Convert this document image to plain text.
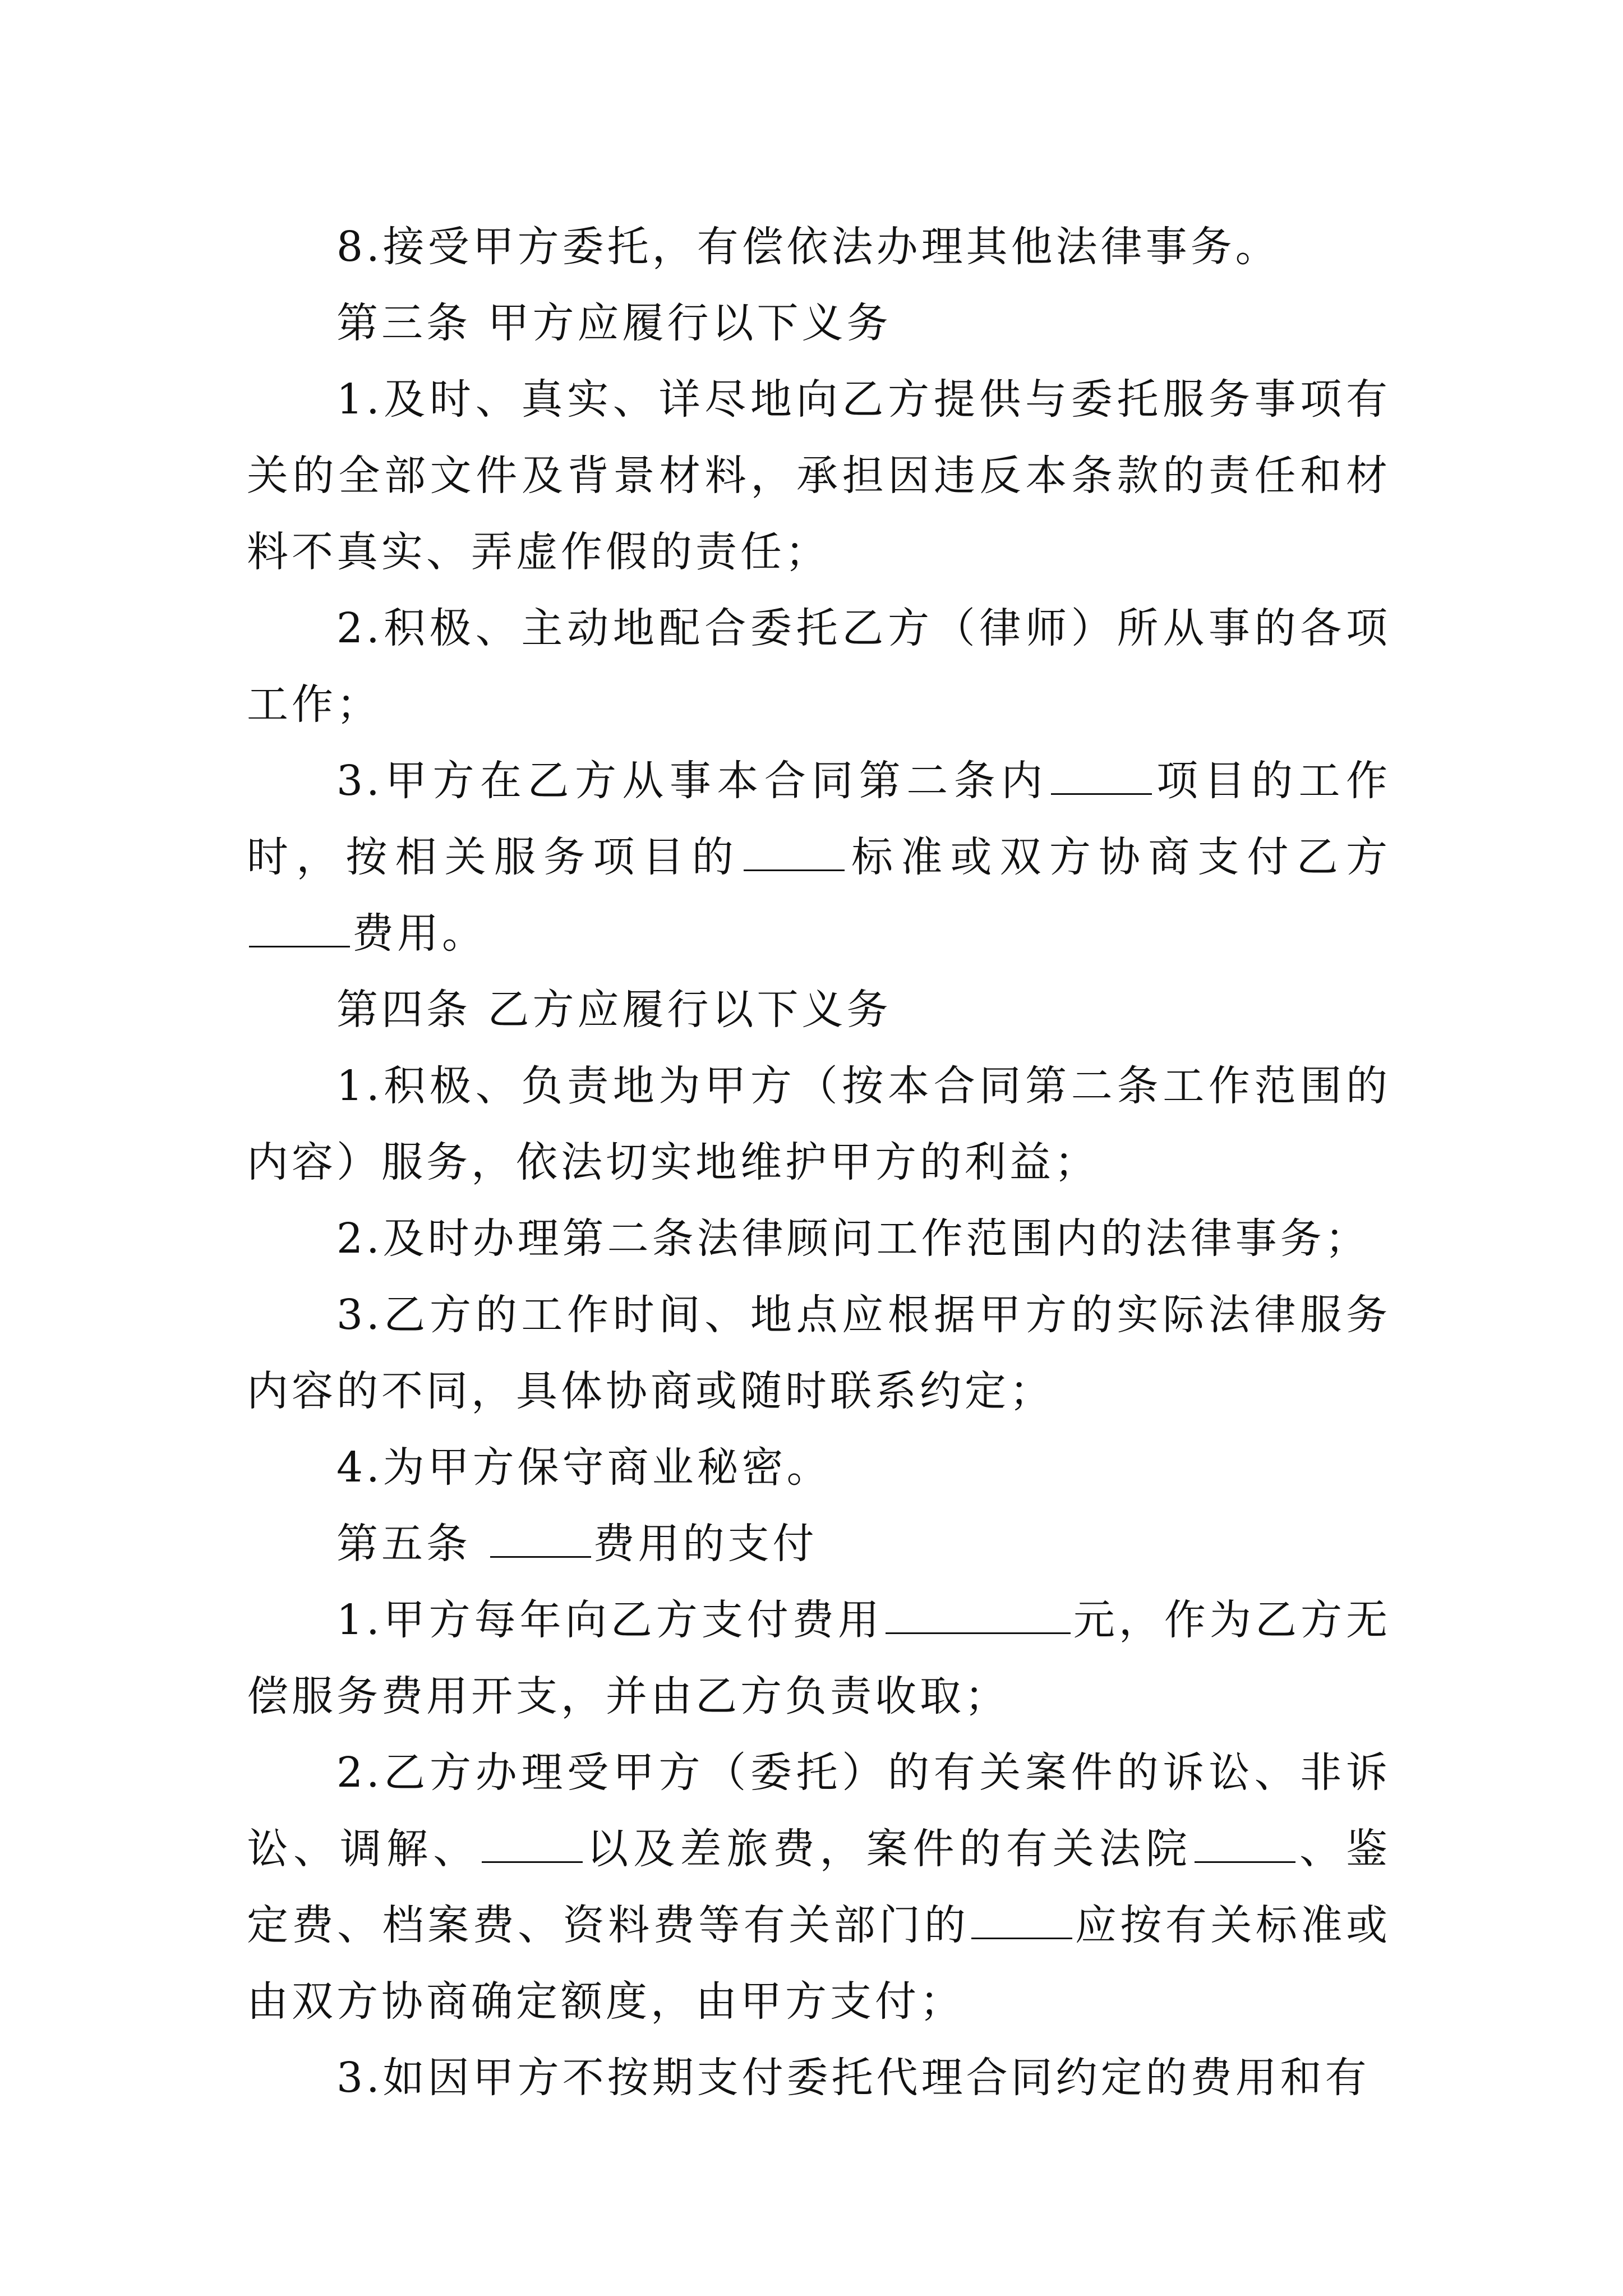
8.接受甲方委托，有偿依法办理其他法律事务。

第三条 甲方应履行以下义务

1.及时、真实、详尽地向乙方提供与委托服务事项有关的全部文件及背景材料，承担因违反本条款的责任和材料不真实、弄虚作假的责任；

2.积极、主动地配合委托乙方（律师）所从事的各项工作；

3.甲方在乙方从事本合同第二条内	项目的工作时，按相关服务项目的	标准或双方协商支付乙方费用。

第四条 乙方应履行以下义务

1.积极、负责地为甲方（按本合同第二条工作范围的内容）服务，依法切实地维护甲方的利益；

2.及时办理第二条法律顾问工作范围内的法律事务；

3.乙方的工作时间、地点应根据甲方的实际法律服务内容的不同，具体协商或随时联系约定；

4.为甲方保守商业秘密。

第五条	费用的支付

1.甲方每年向乙方支付费用	元，作为乙方无偿服务费用开支，并由乙方负责收取；

2.乙方办理受甲方（委托）的有关案件的诉讼、非诉讼、调解、	以及差旅费，案件的有关法院	、鉴定费、档案费、资料费等有关部门的	应按有关标准或由双方协商确定额度，由甲方支付；

3.如因甲方不按期支付委托代理合同约定的费用和有
